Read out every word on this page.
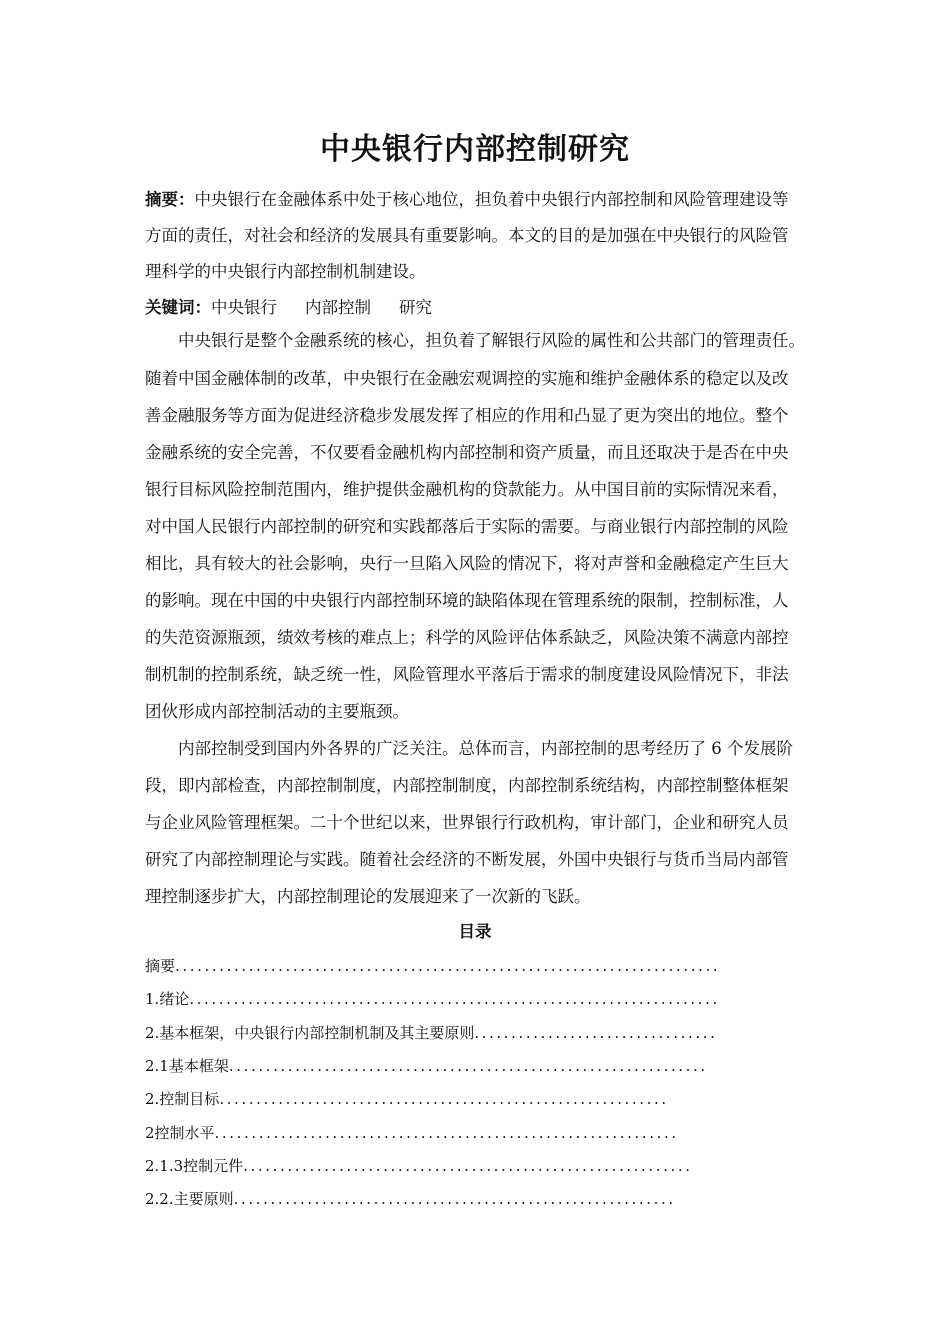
中央银行内部控制研究

摘要：中央银行在金融体系中处于核心地位，担负着中央银行内部控制和风险管理建设等

方面的责任，对社会和经济的发展具有重要影响。本文的目的是加强在中央银行的风险管

理科学的中央银行内部控制机制建设。

关键词：中央银行 内部控制 研究

　　中央银行是整个金融系统的核心，担负着了解银行风险的属性和公共部门的管理责任。

随着中国金融体制的改革，中央银行在金融宏观调控的实施和维护金融体系的稳定以及改

善金融服务等方面为促进经济稳步发展发挥了相应的作用和凸显了更为突出的地位。整个

金融系统的安全完善，不仅要看金融机构内部控制和资产质量，而且还取决于是否在中央

银行目标风险控制范围内，维护提供金融机构的贷款能力。从中国目前的实际情况来看，

对中国人民银行内部控制的研究和实践都落后于实际的需要。与商业银行内部控制的风险

相比，具有较大的社会影响，央行一旦陷入风险的情况下，将对声誉和金融稳定产生巨大

的影响。现在中国的中央银行内部控制环境的缺陷体现在管理系统的限制，控制标准，人

的失范资源瓶颈，绩效考核的难点上；科学的风险评估体系缺乏，风险决策不满意内部控

制机制的控制系统，缺乏统一性，风险管理水平落后于需求的制度建设风险情况下，非法

团伙形成内部控制活动的主要瓶颈。

　　内部控制受到国内外各界的广泛关注。总体而言，内部控制的思考经历了 6 个发展阶

段，即内部检查，内部控制制度，内部控制制度，内部控制系统结构，内部控制整体框架

与企业风险管理框架。二十个世纪以来，世界银行行政机构，审计部门，企业和研究人员

研究了内部控制理论与实践。随着社会经济的不断发展，外国中央银行与货币当局内部管

理控制逐步扩大，内部控制理论的发展迎来了一次新的飞跃。

目录

摘要..........................................................................
1.绪论........................................................................
2.基本框架，中央银行内部控制机制及其主要原则.................................
2.1基本框架.................................................................
2.控制目标.............................................................
2控制水平...............................................................
2.1.3控制元件.............................................................
2.2.主要原则............................................................
